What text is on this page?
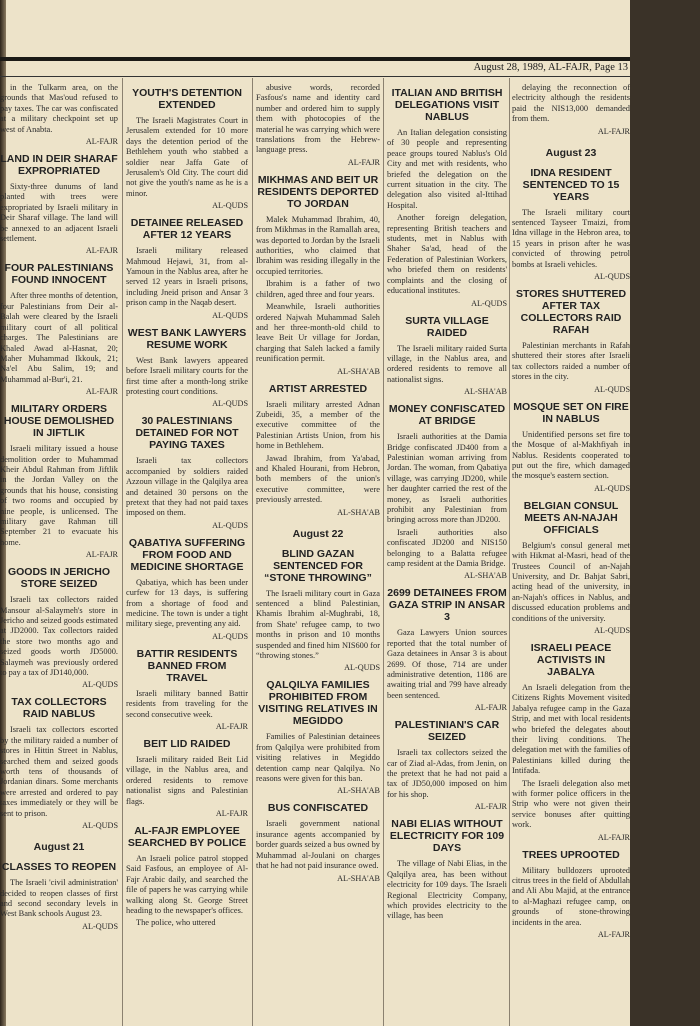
August 28, 1989, AL-FAJR, Page 13

in the Tulkarm area, on the grounds that Mas'oud refused to pay taxes. The car was confiscated at a military checkpoint set up west of Anabta.

AL-FAJR
LAND IN DEIR SHARAF EXPROPRIATED

Sixty-three dunums of land planted with trees were expropriated by Israeli military in Deir Sharaf village. The land will be annexed to an adjacent Israeli settlement.

AL-FAJR
FOUR PALESTINIANS FOUND INNOCENT

After three months of detention, four Palestinians from Deir al-Balah were cleared by the Israeli military court of all political charges. The Palestinians are Khaled Awad al-Hasnat, 20; Maher Muhammad Ikkouk, 21; Na'el Abu Salim, 19; and Muhammad al-Bur'i, 21.

AL-FAJR
MILITARY ORDERS HOUSE DEMOLISHED IN JIFTLIK

Israeli military issued a house demolition order to Muhammad Kheir Abdul Rahman from Jiftlik in the Jordan Valley on the grounds that his house, consisting of two rooms and occupied by nine people, is unlicensed. The military gave Rahman till September 21 to evacuate his home.

AL-FAJR
GOODS IN JERICHO STORE SEIZED

Israeli tax collectors raided Mansour al-Salaymeh's store in Jericho and seized goods estimated at JD2000. Tax collectors raided the store two months ago and seized goods worth JD5000. Salaymeh was previously ordered to pay a tax of JD140,000.

AL-QUDS
TAX COLLECTORS RAID NABLUS

Israeli tax collectors escorted by the military raided a number of stores in Hittin Street in Nablus, searched them and seized goods worth tens of thousands of Jordanian dinars. Some merchants were arrested and ordered to pay taxes immediately or they will be sent to prison.

AL-QUDS
August 21
CLASSES TO REOPEN

The Israeli 'civil administration' decided to reopen classes of first and second secondary levels in West Bank schools August 23.

AL-QUDS
YOUTH'S DETENTION EXTENDED

The Israeli Magistrates Court in Jerusalem extended for 10 more days the detention period of the Bethlehem youth who stabbed a soldier near Jaffa Gate of Jerusalem's Old City. The court did not give the youth's name as he is a minor.

AL-QUDS
DETAINEE RELEASED AFTER 12 YEARS

Israeli military released Mahmoud Hejawi, 31, from al-Yamoun in the Nablus area, after he served 12 years in Israeli prisons, including Jneid prison and Ansar 3 prison camp in the Naqab desert.

AL-QUDS
WEST BANK LAWYERS RESUME WORK

West Bank lawyers appeared before Israeli military courts for the first time after a month-long strike protesting court conditions.

AL-QUDS
30 PALESTINIANS DETAINED FOR NOT PAYING TAXES

Israeli tax collectors accompanied by soldiers raided Azzoun village in the Qalqilya area and detained 30 persons on the pretext that they had not paid taxes imposed on them.

AL-QUDS
QABATIYA SUFFERING FROM FOOD AND MEDICINE SHORTAGE

Qabatiya, which has been under curfew for 13 days, is suffering from a shortage of food and medicine. The town is under a tight military siege, preventing any aid.

AL-QUDS
BATTIR RESIDENTS BANNED FROM TRAVEL

Israeli military banned Battir residents from traveling for the second consecutive week.

AL-FAJR
BEIT LID RAIDED

Israeli military raided Beit Lid village, in the Nablus area, and ordered residents to remove nationalist signs and Palestinian flags.

AL-FAJR
AL-FAJR EMPLOYEE SEARCHED BY POLICE

An Israeli police patrol stopped Said Fasfous, an employee of Al-Fajr Arabic daily, and searched the file of papers he was carrying while walking along St. George Street heading to the newspaper's offices.

The police, who uttered

abusive words, recorded Fasfous's name and identity card number and ordered him to supply them with photocopies of the material he was carrying which were translations from the Hebrew-language press.

AL-FAJR
MIKHMAS AND BEIT UR RESIDENTS DEPORTED TO JORDAN

Malek Muhammad Ibrahim, 40, from Mikhmas in the Ramallah area, was deported to Jordan by the Israeli authorities, who claimed that Ibrahim was residing illegally in the occupied territories.

Ibrahim is a father of two children, aged three and four years.

Meanwhile, Israeli authorities ordered Najwah Muhammad Saleh and her three-month-old child to leave Beit Ur village for Jordan, charging that Saleh lacked a family reunification permit.

AL-SHA'AB
ARTIST ARRESTED

Israeli military arrested Adnan Zubeidi, 35, a member of the executive committee of the Palestinian Artists Union, from his home in Bethlehem.

Jawad Ibrahim, from Ya'abad, and Khaled Hourani, from Hebron, both members of the union's executive committee, were previously arrested.

AL-SHA'AB
August 22
BLIND GAZAN SENTENCED FOR “STONE THROWING”

The Israeli military court in Gaza sentenced a blind Palestinian, Khamis Ibrahim al-Mughrabi, 18, from Shate' refugee camp, to two months in prison and 10 months suspended and fined him NIS600 for “throwing stones.”

AL-QUDS
QALQILYA FAMILIES PROHIBITED FROM VISITING RELATIVES IN MEGIDDO

Families of Palestinian detainees from Qalqilya were prohibited from visiting relatives in Megiddo detention camp near Qalqilya. No reasons were given for this ban.

AL-SHA'AB
BUS CONFISCATED

Israeli government national insurance agents accompanied by border guards seized a bus owned by Muhammad al-Joulani on charges that he had not paid insurance owed.

AL-SHA'AB
ITALIAN AND BRITISH DELEGATIONS VISIT NABLUS

An Italian delegation consisting of 30 people and representing peace groups toured Nablus's Old City and met with residents, who briefed the delegation on the current situation in the city. The delegation also visited al-Ittihad Hospital.

Another foreign delegation, representing British teachers and students, met in Nablus with Shaher Sa'ad, head of the Federation of Palestinian Workers, who briefed them on residents' complaints and the closing of educational institutes.

AL-QUDS
SURTA VILLAGE RAIDED

The Israeli military raided Surta village, in the Nablus area, and ordered residents to remove all nationalist signs.

AL-SHA'AB
MONEY CONFISCATED AT BRIDGE

Israeli authorities at the Damia Bridge confiscated JD400 from a Palestinian woman arriving from Jordan. The woman, from Qabatiya village, was carrying JD200, while her daughter carried the rest of the money, as Israeli authorities prohibit any Palestinian from bringing across more than JD200.

Israeli authorities also confiscated JD200 and NIS150 belonging to a Balatta refugee camp resident at the Damia Bridge.

AL-SHA'AB
2699 DETAINEES FROM GAZA STRIP IN ANSAR 3

Gaza Lawyers Union sources reported that the total number of Gaza detainees in Ansar 3 is about 2699. Of those, 714 are under administrative detention, 1186 are awaiting trial and 799 have already been sentenced.

AL-FAJR
PALESTINIAN'S CAR SEIZED

Israeli tax collectors seized the car of Ziad al-Adas, from Jenin, on the pretext that he had not paid a tax of JD50,000 imposed on him for his shop.

AL-FAJR
NABI ELIAS WITHOUT ELECTRICITY FOR 109 DAYS

The village of Nabi Elias, in the Qalqilya area, has been without electricity for 109 days. The Israeli Regional Electricity Company, which provides electricity to the village, has been

delaying the reconnection of electricity although the residents paid the NIS13,000 demanded from them.

AL-FAJR
August 23
IDNA RESIDENT SENTENCED TO 15 YEARS

The Israeli military court sentenced Tayseer Tmaizi, from Idna village in the Hebron area, to 15 years in prison after he was convicted of throwing petrol bombs at Israeli vehicles.

AL-QUDS
STORES SHUTTERED AFTER TAX COLLECTORS RAID RAFAH

Palestinian merchants in Rafah shuttered their stores after Israeli tax collectors raided a number of stores in the city.

AL-QUDS
MOSQUE SET ON FIRE IN NABLUS

Unidentified persons set fire to the Mosque of al-Makhfiyah in Nablus. Residents cooperated to put out the fire, which damaged the mosque's eastern section.

AL-QUDS
BELGIAN CONSUL MEETS AN-NAJAH OFFICIALS

Belgium's consul general met with Hikmat al-Masri, head of the Trustees Council of an-Najah University, and Dr. Bahjat Sabri, acting head of the university, in an-Najah's offices in Nablus, and discussed education problems and conditions of the university.

AL-QUDS
ISRAELI PEACE ACTIVISTS IN JABALYA

An Israeli delegation from the Citizens Rights Movement visited Jabalya refugee camp in the Gaza Strip, and met with local residents who briefed the delegates about their living conditions. The delegation met with the families of Palestinians killed during the Intifada.

The Israeli delegation also met with former police officers in the Strip who were not given their service bonuses after quitting work.

AL-FAJR
TREES UPROOTED

Military bulldozers uprooted citrus trees in the field of Abdullah and Ali Abu Majid, at the entrance to al-Maghazi refugee camp, on grounds of stone-throwing incidents in the area.

AL-FAJR
